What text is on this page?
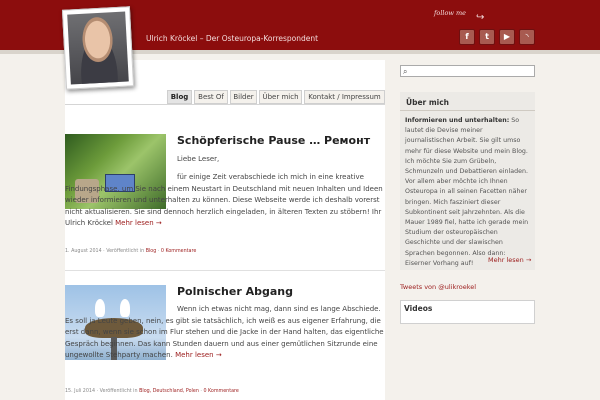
Ulrich Kröckel – Der Osteuropa-Korrespondent
follow me ↪
f	t	▶	◝
Blog	Best Of	Bilder	Über mich	Kontakt / Impressum
Schöpferische Pause … Ремонт
Liebe Leser,
für einige Zeit verabschiede ich mich in eine kreative Findungsphase, um Sie nach einem Neustart in Deutschland mit neuen Inhalten und Ideen wieder informieren und unterhalten zu können. Diese Webseite werde ich deshalb vorerst nicht aktualisieren. Sie sind dennoch herzlich eingeladen, in älteren Texten zu stöbern! Ihr Ulrich Kröckel Mehr lesen →
1. August 2014 · Veröffentlicht in Blog · 0 Kommentare
Polnischer Abgang
Wenn ich etwas nicht mag, dann sind es lange Abschiede. Es soll ja Leute geben, nein, es gibt sie tatsächlich, ich weiß es aus eigener Erfahrung, die erst dann, wenn sie schon im Flur stehen und die Jacke in der Hand halten, das eigentliche Gespräch beginnen. Das kann Stunden dauern und aus einer gemütlichen Sitzrunde eine ungewollte Stehparty machen. Mehr lesen →
15. Juli 2014 · Veröffentlicht in Blog, Deutschland, Polen · 0 Kommentare
⌕
Über mich
Informieren und unterhalten: So lautet die Devise meiner journalistischen Arbeit. Sie gilt umso mehr für diese Website und mein Blog. Ich möchte Sie zum Grübeln, Schmunzeln und Debattieren einladen. Vor allem aber möchte ich Ihnen Osteuropa in all seinen Facetten näher bringen. Mich fasziniert dieser Subkontinent seit Jahrzehnten. Als die Mauer 1989 fiel, hatte ich gerade mein Studium der osteuropäischen Geschichte und der slawischen Sprachen begonnen. Also dann: Eiserner Vorhang auf!	Mehr lesen →
Tweets von @ulikroekel
Videos
